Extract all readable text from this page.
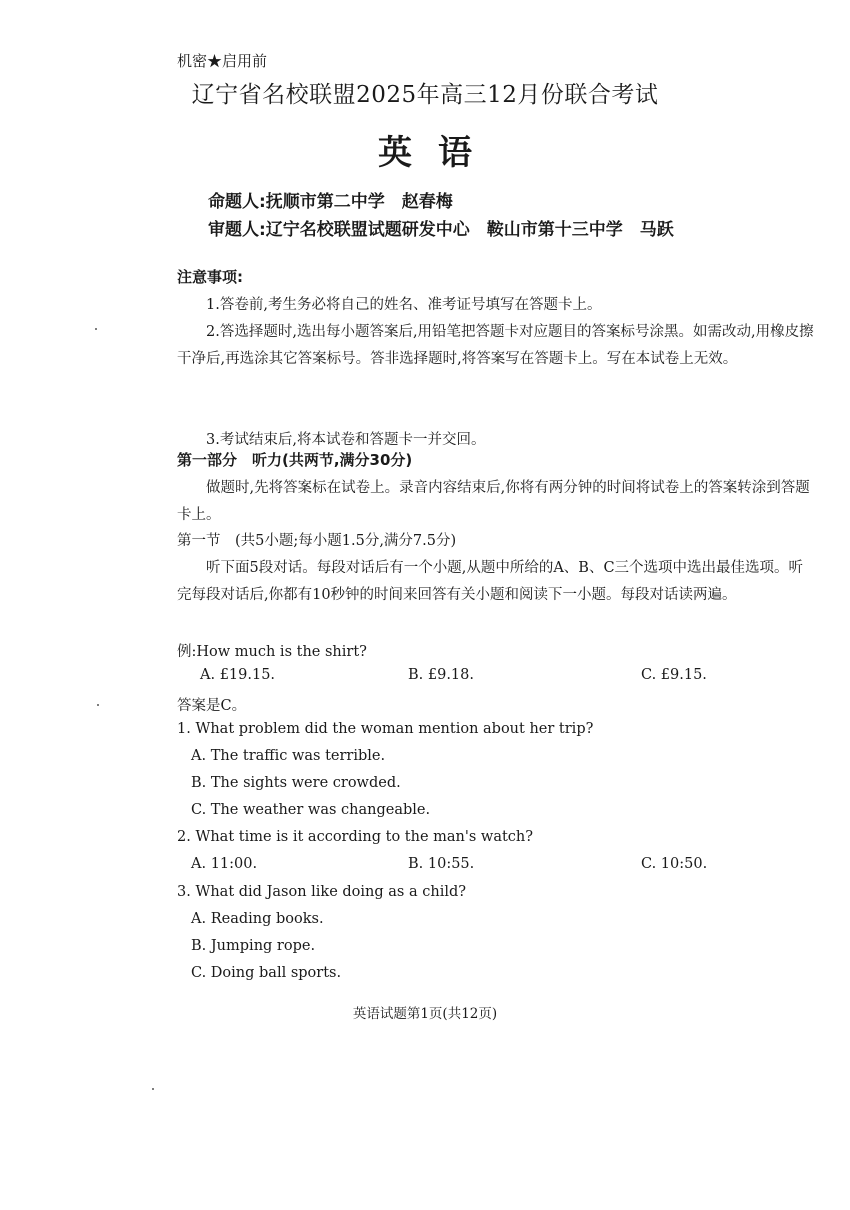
机密★启用前
辽宁省名校联盟2025年高三12月份联合考试
英语
命题人:抚顺市第二中学　赵春梅
审题人:辽宁名校联盟试题研发中心　鞍山市第十三中学　马跃
注意事项:
1.答卷前,考生务必将自己的姓名、准考证号填写在答题卡上。
2.答选择题时,选出每小题答案后,用铅笔把答题卡对应题目的答案标号涂黑。如需改动,用橡皮擦干净后,再选涂其它答案标号。答非选择题时,将答案写在答题卡上。写在本试卷上无效。
3.考试结束后,将本试卷和答题卡一并交回。
第一部分　听力(共两节,满分30分)
做题时,先将答案标在试卷上。录音内容结束后,你将有两分钟的时间将试卷上的答案转涂到答题卡上。
第一节　(共5小题;每小题1.5分,满分7.5分)
听下面5段对话。每段对话后有一个小题,从题中所给的A、B、C三个选项中选出最佳选项。听完每段对话后,你都有10秒钟的时间来回答有关小题和阅读下一小题。每段对话读两遍。
例:How much is the shirt?
A. £19.15.	B. £9.18.	C. £9.15.
答案是C。
1. What problem did the woman mention about her trip?
A. The traffic was terrible.
B. The sights were crowded.
C. The weather was changeable.
2. What time is it according to the man's watch?
A. 11:00.	B. 10:55.	C. 10:50.
3. What did Jason like doing as a child?
A. Reading books.
B. Jumping rope.
C. Doing ball sports.
英语试题第1页(共12页)
